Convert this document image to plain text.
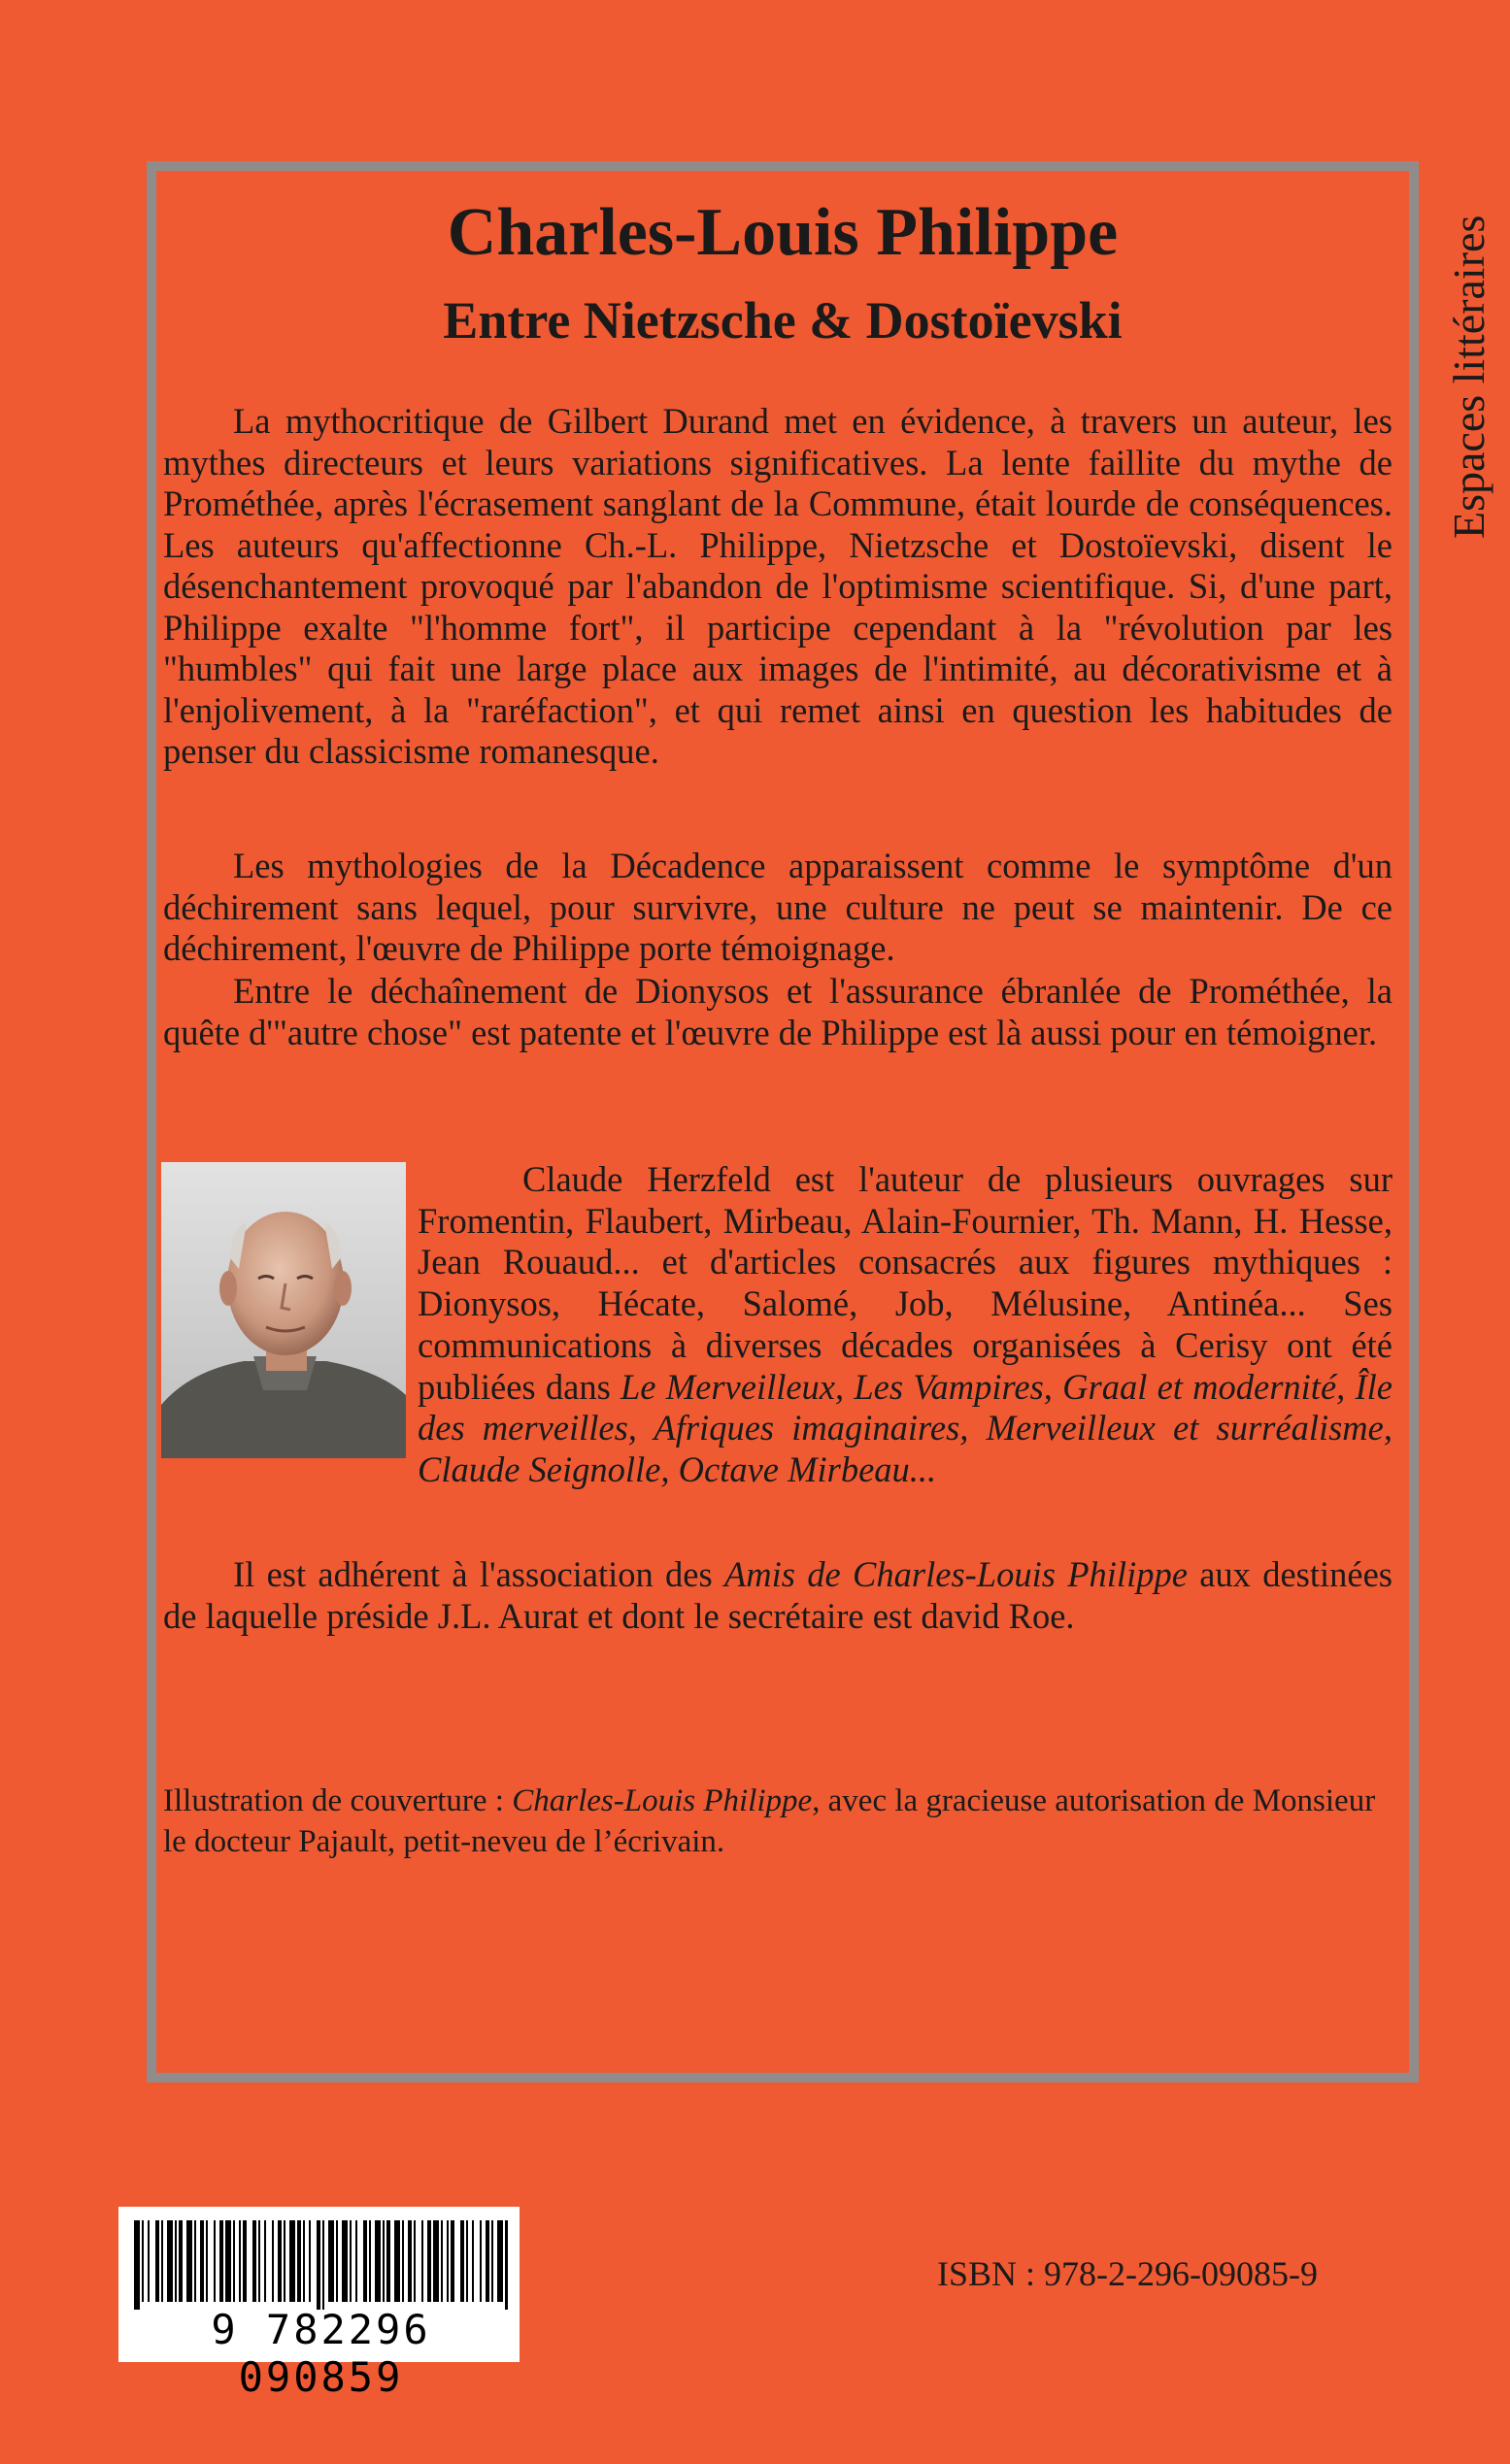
Espaces littéraires
Charles-Louis Philippe
Entre Nietzsche & Dostoïevski

La mythocritique de Gilbert Durand met en évidence, à travers un auteur, les mythes directeurs et leurs variations significatives. La lente faillite du mythe de Prométhée, après l'écrasement sanglant de la Commune, était lourde de conséquences. Les auteurs qu'affectionne Ch.-L. Philippe, Nietzsche et Dostoïevski, disent le désenchantement provoqué par l'abandon de l'optimisme scientifique. Si, d'une part, Philippe exalte "l'homme fort", il participe cependant à la "révolution par les "humbles" qui fait une large place aux images de l'intimité, au décorativisme et à l'enjolivement, à la "raréfaction", et qui remet ainsi en question les habitudes de penser du classicisme romanesque.

Les mythologies de la Décadence apparaissent comme le symptôme d'un déchirement sans lequel, pour survivre, une culture ne peut se maintenir. De ce déchirement, l'œuvre de Philippe porte témoignage.

Entre le déchaînement de Dionysos et l'assurance ébranlée de Prométhée, la quête d'"autre chose" est patente et l'œuvre de Philippe est là aussi pour en témoigner.

Claude Herzfeld est l'auteur de plusieurs ouvrages sur Fromentin, Flaubert, Mirbeau, Alain-Fournier, Th. Mann, H. Hesse, Jean Rouaud... et d'articles consacrés aux figures mythiques : Dionysos, Hécate, Salomé, Job, Mélusine, Antinéa... Ses communications à diverses décades organisées à Cerisy ont été publiées dans Le Merveilleux, Les Vampires, Graal et modernité, Île des merveilles, Afriques imaginaires, Merveilleux et surréalisme, Claude Seignolle, Octave Mirbeau...

Il est adhérent à l'association des Amis de Charles-Louis Philippe aux destinées de laquelle préside J.L. Aurat et dont le secrétaire est david Roe.

Illustration de couverture : Charles-Louis Philippe, avec la gracieuse autorisation de Monsieur le docteur Pajault, petit-neveu de l’écrivain.

9 782296 090859

ISBN : 978-2-296-09085-9
